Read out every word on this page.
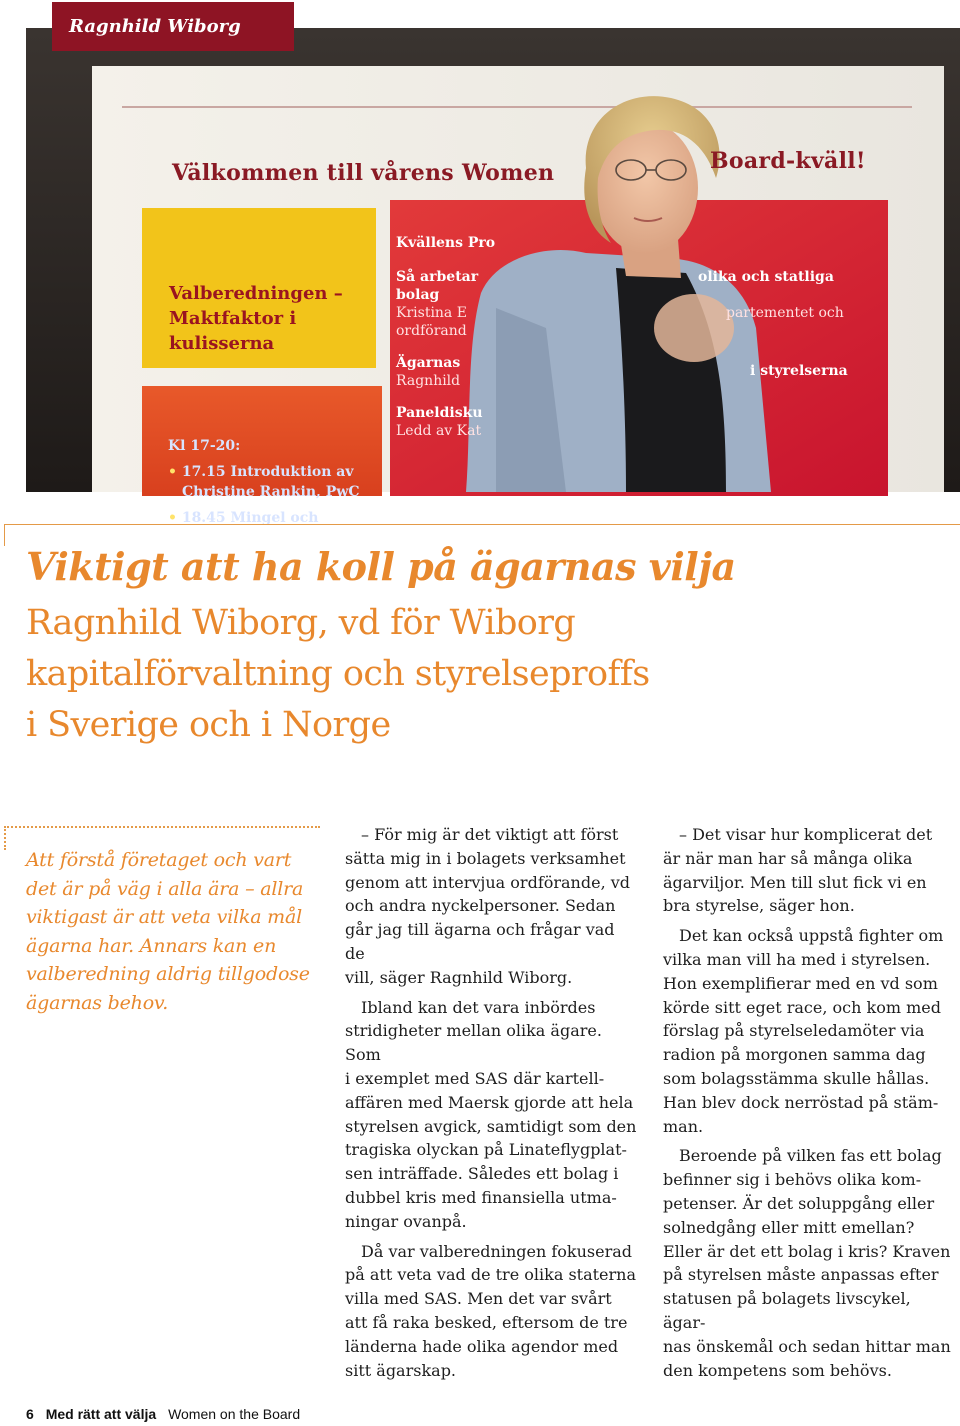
Ragnhild Wiborg
Välkommen till vårens Women	Board-kväll!
Valberedningen –
Maktfaktor i
kulisserna
Kl 17-20:
• 17.15 Introduktion av
Christine Rankin, PwC
• 18.45 Mingel och
Kvällens Pro
Så arbetar
bolag
Kristina E
ordförand
Ägarnas
Ragnhild
Paneldisku
Ledd av Kat
olika och statliga
partementet och
i styrelserna
Viktigt att ha koll på ägarnas vilja
Ragnhild Wiborg, vd för Wiborg
kapitalförvaltning och styrelseproffs
i Sverige och i Norge
Att förstå företaget och vart
det är på väg i alla ära – allra
viktigast är att veta vilka mål
ägarna har. Annars kan en
valberedning aldrig tillgodose
ägarnas behov.

– För mig är det viktigt att först
sätta mig in i bolagets verksamhet
genom att intervjua ordförande, vd
och andra nyckelpersoner. Sedan
går jag till ägarna och frågar vad de
vill, säger Ragnhild Wiborg.

Ibland kan det vara inbördes
stridigheter mellan olika ägare. Som
i exemplet med SAS där kartell-
affären med Maersk gjorde att hela
styrelsen avgick, samtidigt som den
tragiska olyckan på Linateflygplat-
sen inträffade. Således ett bolag i
dubbel kris med finansiella utma-
ningar ovanpå.

Då var valberedningen fokuserad
på att veta vad de tre olika staterna
villa med SAS. Men det var svårt
att få raka besked, eftersom de tre
länderna hade olika agendor med
sitt ägarskap.

– Det visar hur komplicerat det
är när man har så många olika
ägarviljor. Men till slut fick vi en
bra styrelse, säger hon.

Det kan också uppstå fighter om
vilka man vill ha med i styrelsen.
Hon exemplifierar med en vd som
körde sitt eget race, och kom med
förslag på styrelseledamöter via
radion på morgonen samma dag
som bolagsstämma skulle hållas.
Han blev dock nerröstad på stäm-
man.

Beroende på vilken fas ett bolag
befinner sig i behövs olika kom-
petenser. Är det soluppgång eller
solnedgång eller mitt emellan?
Eller är det ett bolag i kris? Kraven
på styrelsen måste anpassas efter
statusen på bolagets livscykel, ägar-
nas önskemål och sedan hittar man
den kompetens som behövs.

6 Med rätt att välja Women on the Board
